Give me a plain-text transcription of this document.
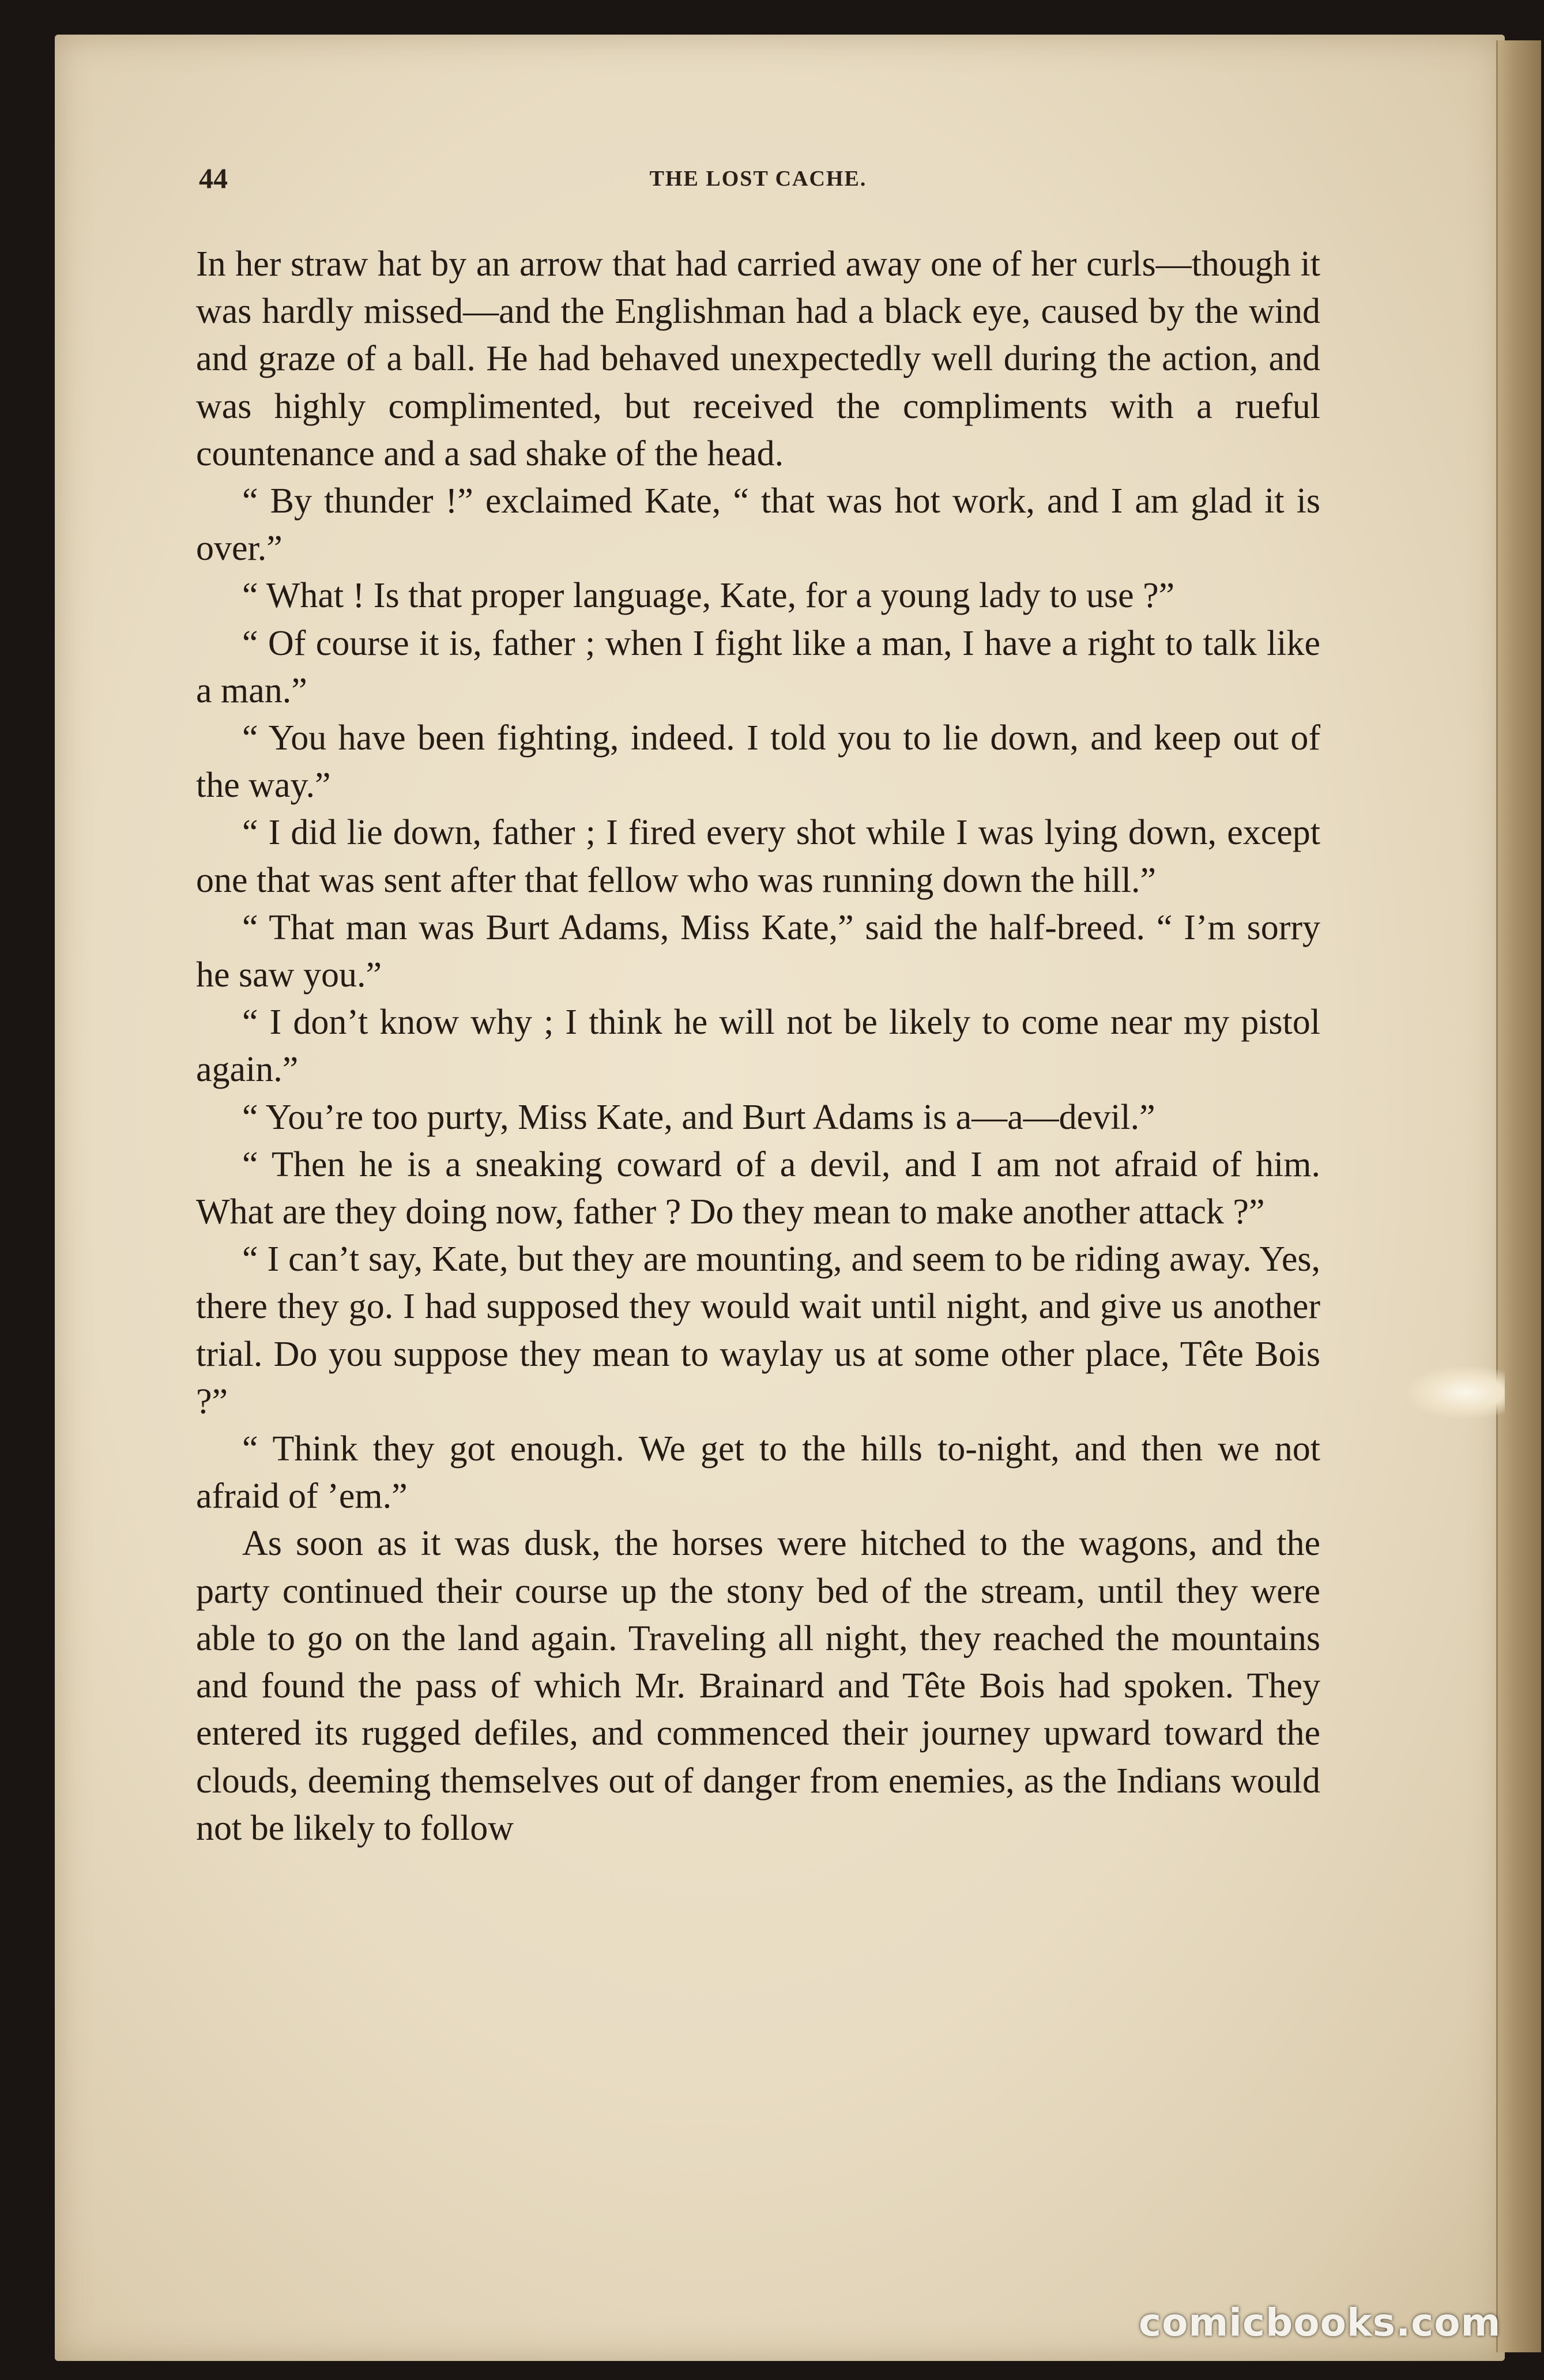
44	THE LOST CACHE.

In her straw hat by an arrow that had carried away one of her curls—though it was hardly missed—and the Englishman had a black eye, caused by the wind and graze of a ball. He had behaved unexpectedly well during the action, and was highly complimented, but received the compliments with a rueful countenance and a sad shake of the head.

“ By thunder !” exclaimed Kate, “ that was hot work, and I am glad it is over.”

“ What ! Is that proper language, Kate, for a young lady to use ?”

“ Of course it is, father ; when I fight like a man, I have a right to talk like a man.”

“ You have been fighting, indeed. I told you to lie down, and keep out of the way.”

“ I did lie down, father ; I fired every shot while I was lying down, except one that was sent after that fellow who was running down the hill.”

“ That man was Burt Adams, Miss Kate,” said the half-breed. “ I’m sorry he saw you.”

“ I don’t know why ; I think he will not be likely to come near my pistol again.”

“ You’re too purty, Miss Kate, and Burt Adams is a—a—devil.”

“ Then he is a sneaking coward of a devil, and I am not afraid of him. What are they doing now, father ? Do they mean to make another attack ?”

“ I can’t say, Kate, but they are mounting, and seem to be riding away. Yes, there they go. I had supposed they would wait until night, and give us another trial. Do you suppose they mean to waylay us at some other place, Tête Bois ?”

“ Think they got enough. We get to the hills to-night, and then we not afraid of ’em.”

As soon as it was dusk, the horses were hitched to the wagons, and the party continued their course up the stony bed of the stream, until they were able to go on the land again. Traveling all night, they reached the mountains and found the pass of which Mr. Brainard and Tête Bois had spoken. They entered its rugged defiles, and commenced their journey upward toward the clouds, deeming themselves out of danger from enemies, as the Indians would not be likely to follow

comicbooks.com
